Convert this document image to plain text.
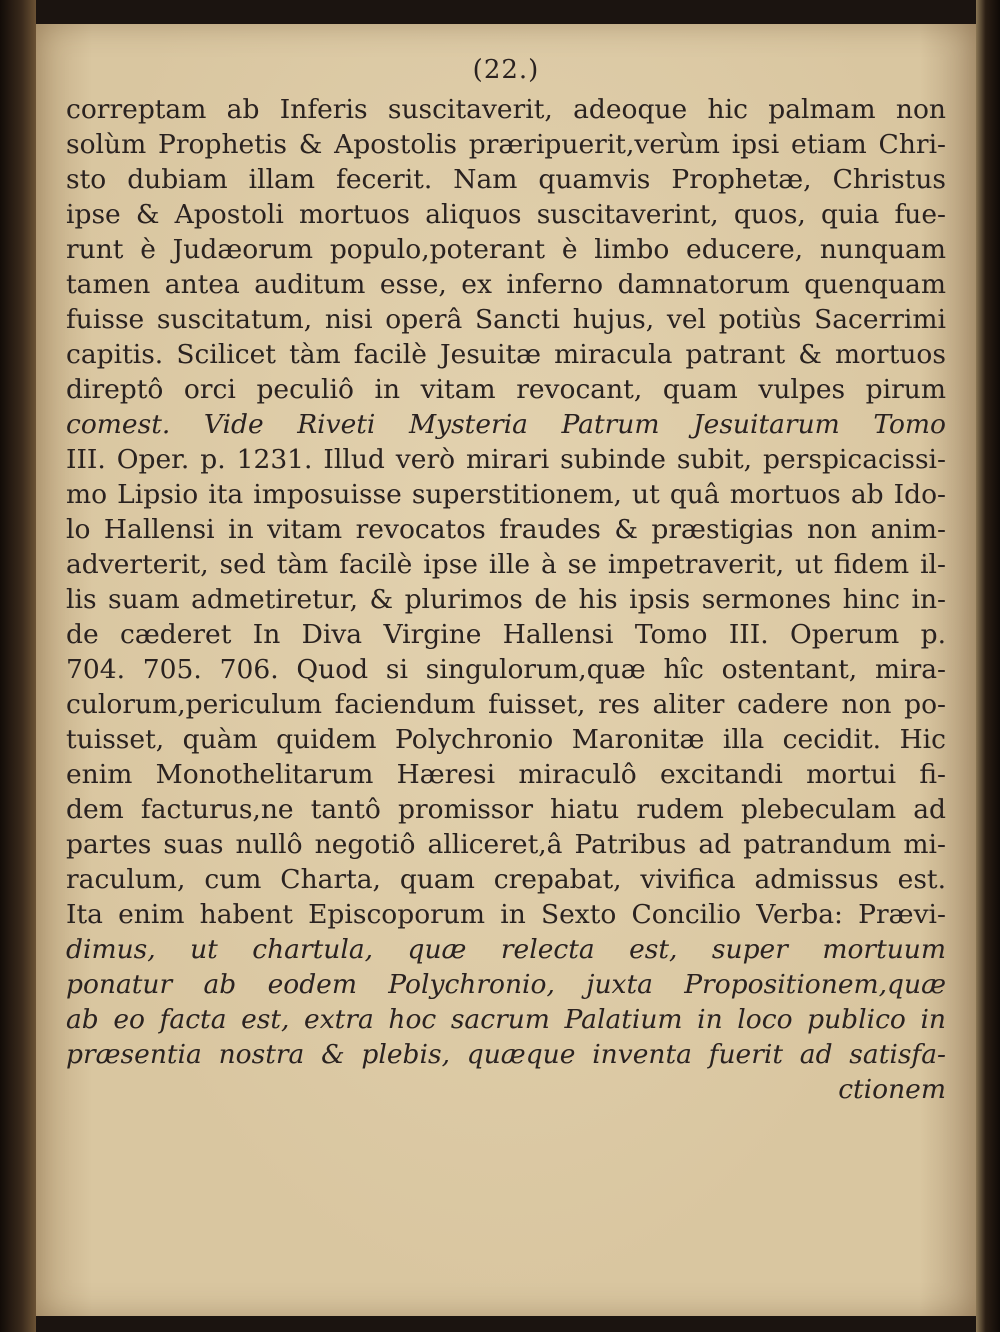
(22.)
correptam ab Inferis suscitaverit, adeoque hic palmam non
solùm Prophetis & Apostolis præripuerit,verùm ipsi etiam Chri-
sto dubiam illam fecerit. Nam quamvis Prophetæ, Christus
ipse & Apostoli mortuos aliquos suscitaverint, quos, quia fue-
runt è Judæorum populo,poterant è limbo educere, nunquam
tamen antea auditum esse, ex inferno damnatorum quenquam
fuisse suscitatum, nisi operâ Sancti hujus, vel potiùs Sacerrimi
capitis. Scilicet tàm facilè Jesuitæ miracula patrant & mortuos
direptô orci peculiô in vitam revocant, quam vulpes pirum
comest. Vide Riveti Mysteria Patrum Jesuitarum Tomo
III. Oper. p. 1231. Illud verò mirari subinde subit, perspicacissi-
mo Lipsio ita imposuisse superstitionem, ut quâ mortuos ab Ido-
lo Hallensi in vitam revocatos fraudes & præstigias non anim-
adverterit, sed tàm facilè ipse ille à se impetraverit, ut fidem il-
lis suam admetiretur, & plurimos de his ipsis sermones hinc in-
de cæderet In Diva Virgine Hallensi Tomo III. Operum p.
704. 705. 706. Quod si singulorum,quæ hîc ostentant, mira-
culorum,periculum faciendum fuisset, res aliter cadere non po-
tuisset, quàm quidem Polychronio Maronitæ illa cecidit. Hic
enim Monothelitarum Hæresi miraculô excitandi mortui fi-
dem facturus,ne tantô promissor hiatu rudem plebeculam ad
partes suas nullô negotiô alliceret,â Patribus ad patrandum mi-
raculum, cum Charta, quam crepabat, vivifica admissus est.
Ita enim habent Episcoporum in Sexto Concilio Verba: Prævi-
dimus, ut chartula, quæ relecta est, super mortuum
ponatur ab eodem Polychronio, juxta Propositionem,quæ
ab eo facta est, extra hoc sacrum Palatium in loco publico in
præsentia nostra & plebis, quæque inventa fuerit ad satisfa-
ctionem
